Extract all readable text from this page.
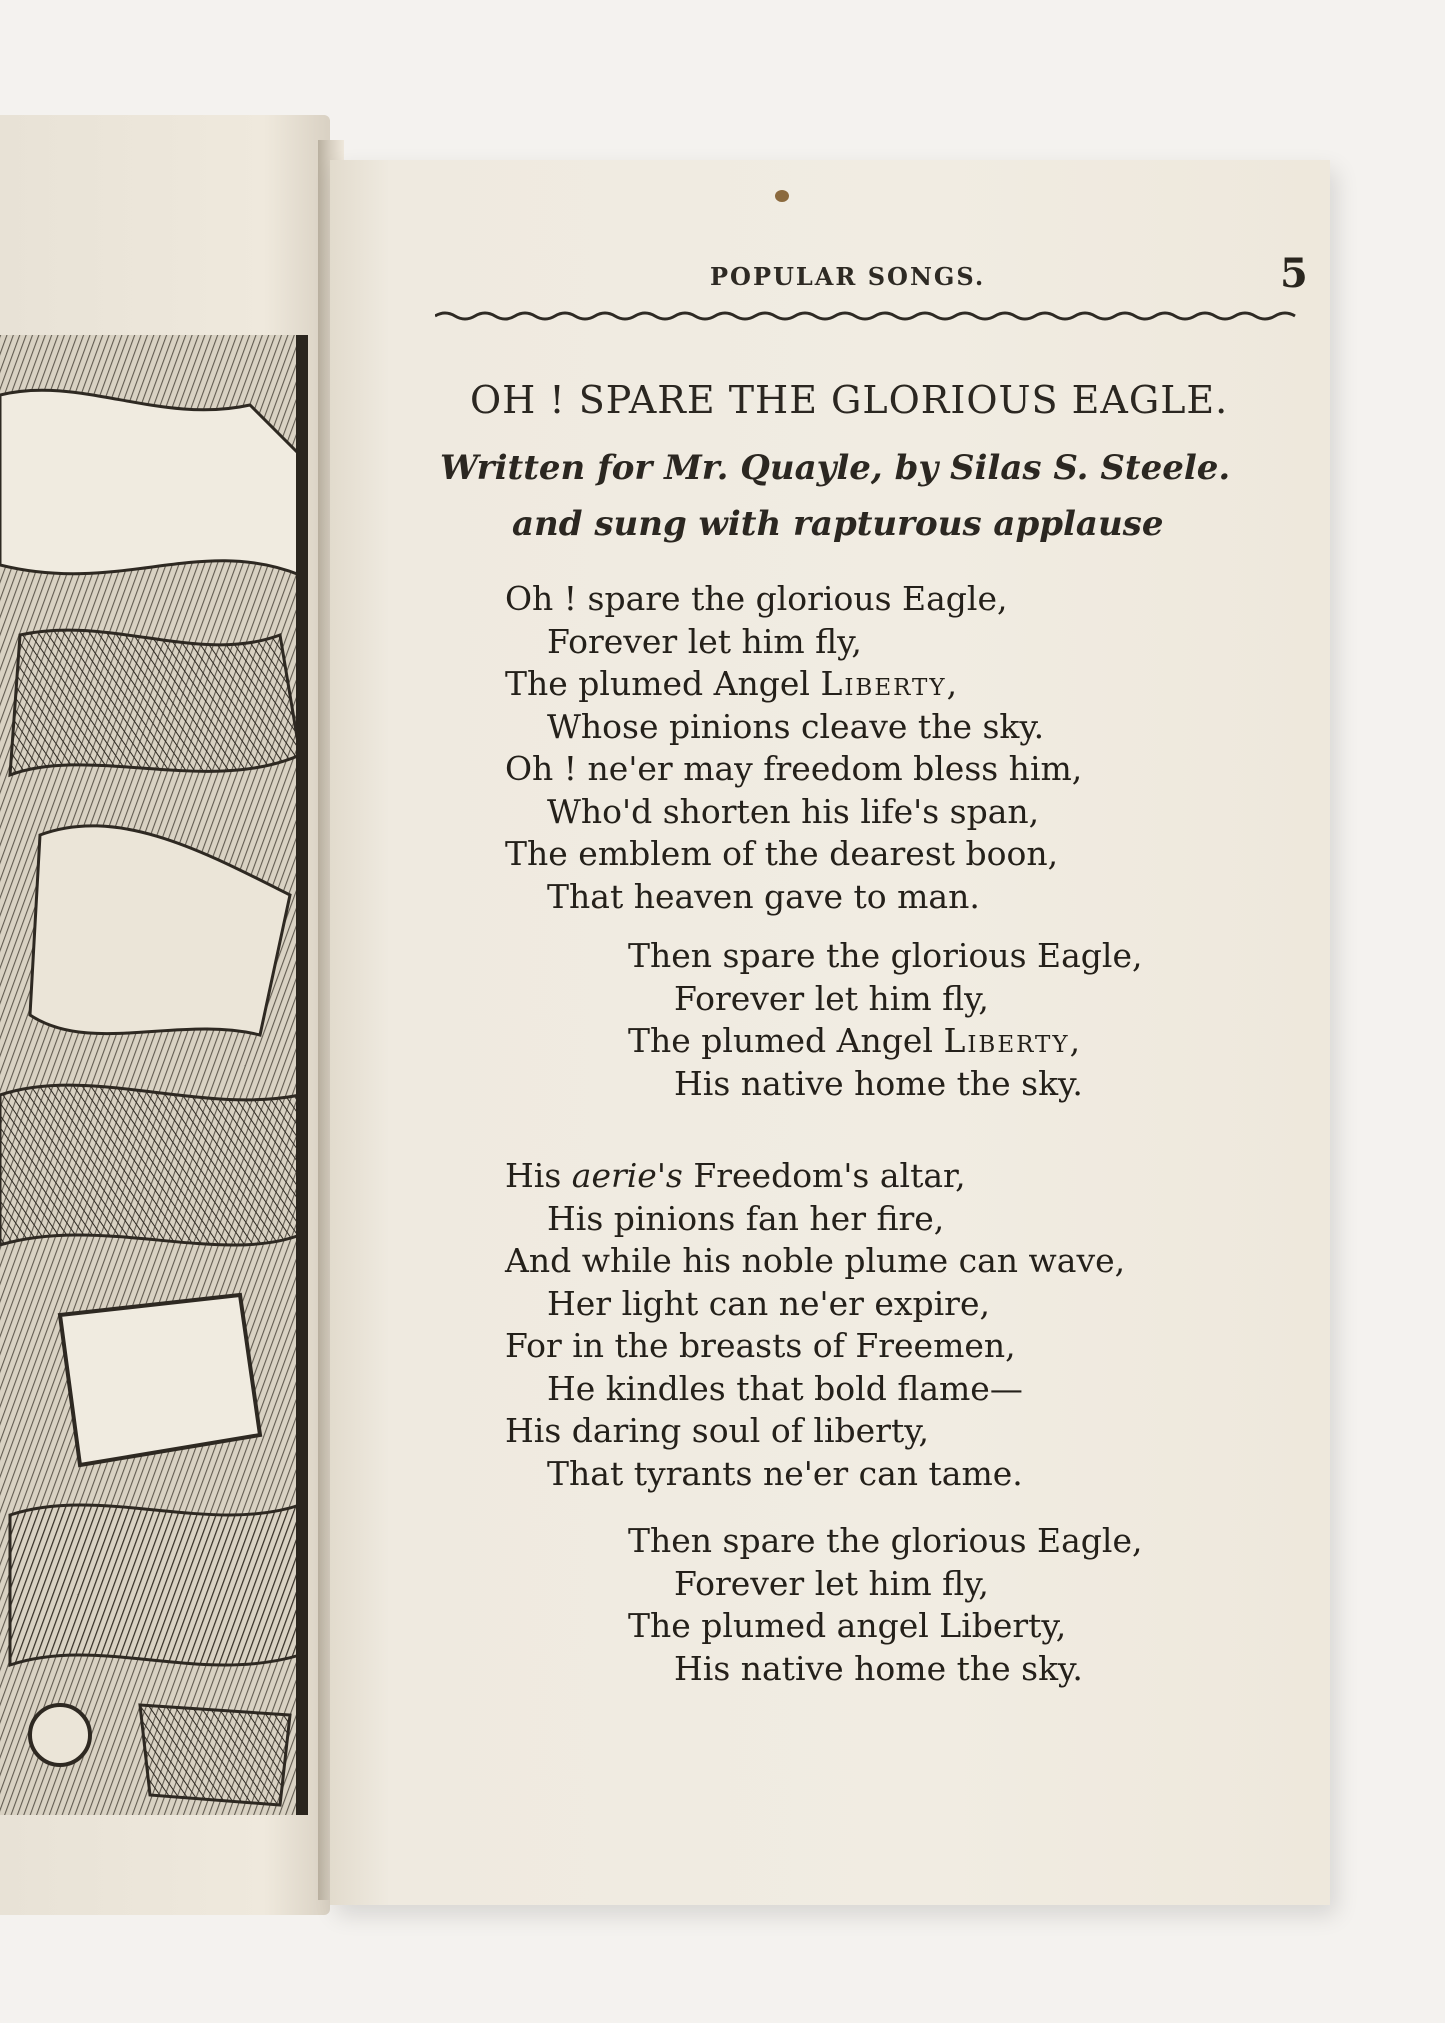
POPULAR SONGS.	5
OH ! SPARE THE GLORIOUS EAGLE.
Written for Mr. Quayle, by Silas S. Steele.
and sung with rapturous applause
Oh ! spare the glorious Eagle,
Forever let him fly,
The plumed Angel Liberty,
Whose pinions cleave the sky.
Oh ! ne'er may freedom bless him,
Who'd shorten his life's span,
The emblem of the dearest boon,
That heaven gave to man.
Then spare the glorious Eagle,
Forever let him fly,
The plumed Angel Liberty,
His native home the sky.
His aerie's Freedom's altar,
His pinions fan her fire,
And while his noble plume can wave,
Her light can ne'er expire,
For in the breasts of Freemen,
He kindles that bold flame—
His daring soul of liberty,
That tyrants ne'er can tame.
Then spare the glorious Eagle,
Forever let him fly,
The plumed angel Liberty,
His native home the sky.
